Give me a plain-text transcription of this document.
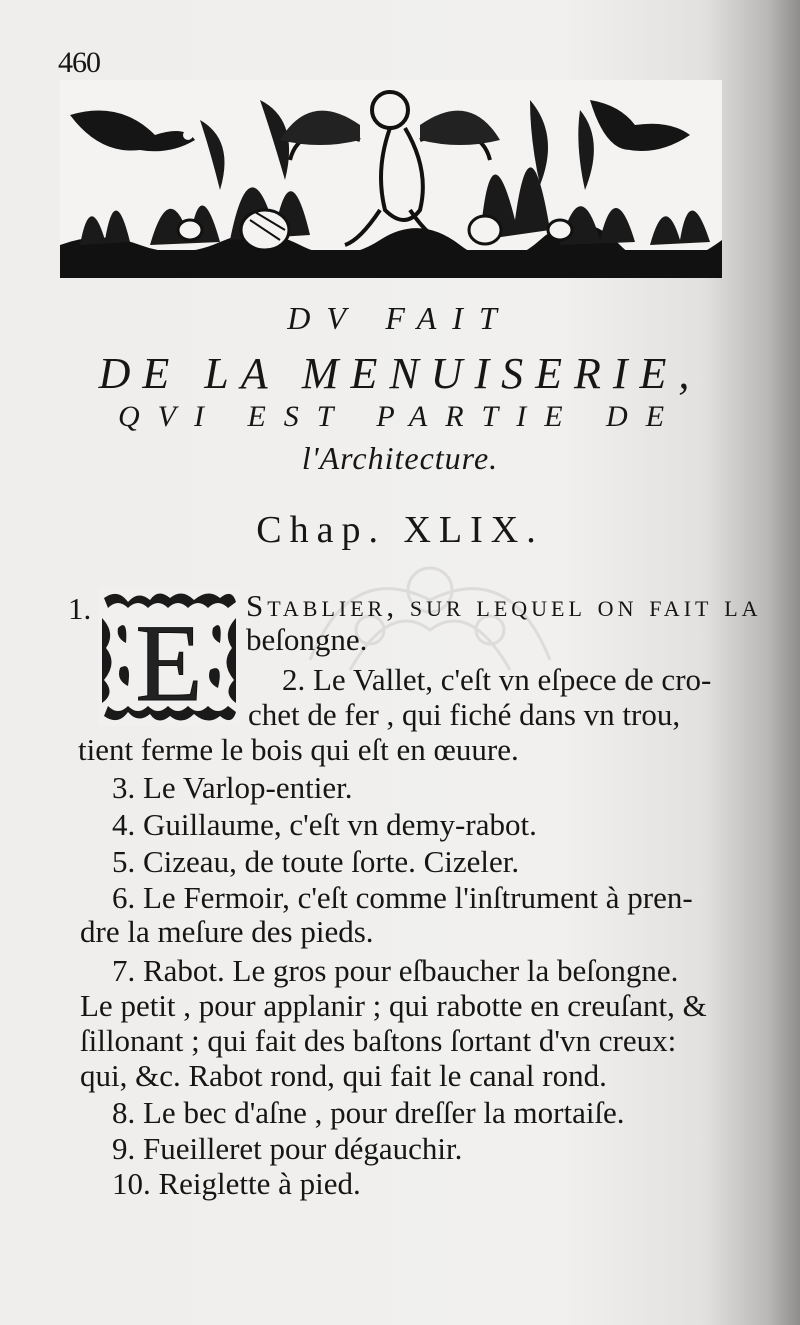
460
DV FAIT
DE LA MENUISERIE,
QVI EST PARTIE DE
l'Architecture.
Chap. XLIX.
E
1.	Stablier, ſur lequel on fait la
beſongne.
2. Le Vallet, c'eſt vn eſpece de cro-
chet de fer , qui fiché dans vn trou,
tient ferme le bois qui eſt en œuure.
3. Le Varlop-entier.
4. Guillaume, c'eſt vn demy-rabot.
5. Cizeau, de toute ſorte. Cizeler.
6. Le Fermoir, c'eſt comme l'inſtrument à pren-
dre la meſure des pieds.
7. Rabot. Le gros pour eſbaucher la beſongne.
Le petit , pour applanir ; qui rabotte en creuſant, &
ſillonant ; qui fait des baſtons ſortant d'vn creux:
qui, &c. Rabot rond, qui fait le canal rond.
8. Le bec d'aſne , pour dreſſer la mortaiſe.
9. Fueilleret pour dégauchir.
10. Reiglette à pied.
